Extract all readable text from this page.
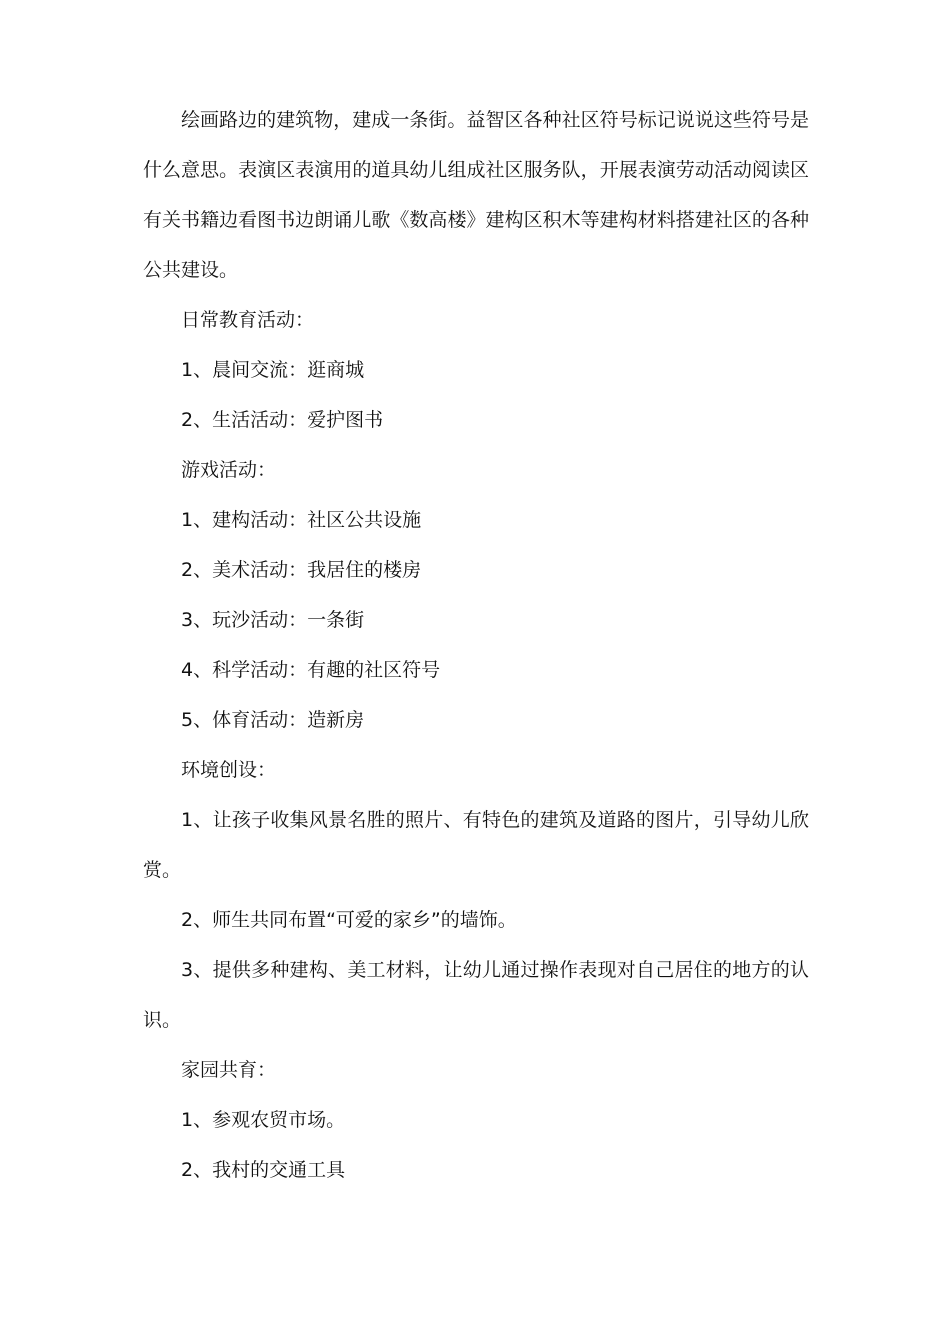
绘画路边的建筑物，建成一条街。益智区各种社区符号标记说说这些符号是什么意思。表演区表演用的道具幼儿组成社区服务队，开展表演劳动活动阅读区有关书籍边看图书边朗诵儿歌《数高楼》建构区积木等建构材料搭建社区的各种公共建设。

日常教育活动：

1、晨间交流：逛商城

2、生活活动：爱护图书

游戏活动：

1、建构活动：社区公共设施

2、美术活动：我居住的楼房

3、玩沙活动：一条街

4、科学活动：有趣的社区符号

5、体育活动：造新房

环境创设：

1、让孩子收集风景名胜的照片、有特色的建筑及道路的图片，引导幼儿欣赏。

2、师生共同布置“可爱的家乡”的墙饰。

3、提供多种建构、美工材料，让幼儿通过操作表现对自己居住的地方的认识。

家园共育：

1、参观农贸市场。

2、我村的交通工具
